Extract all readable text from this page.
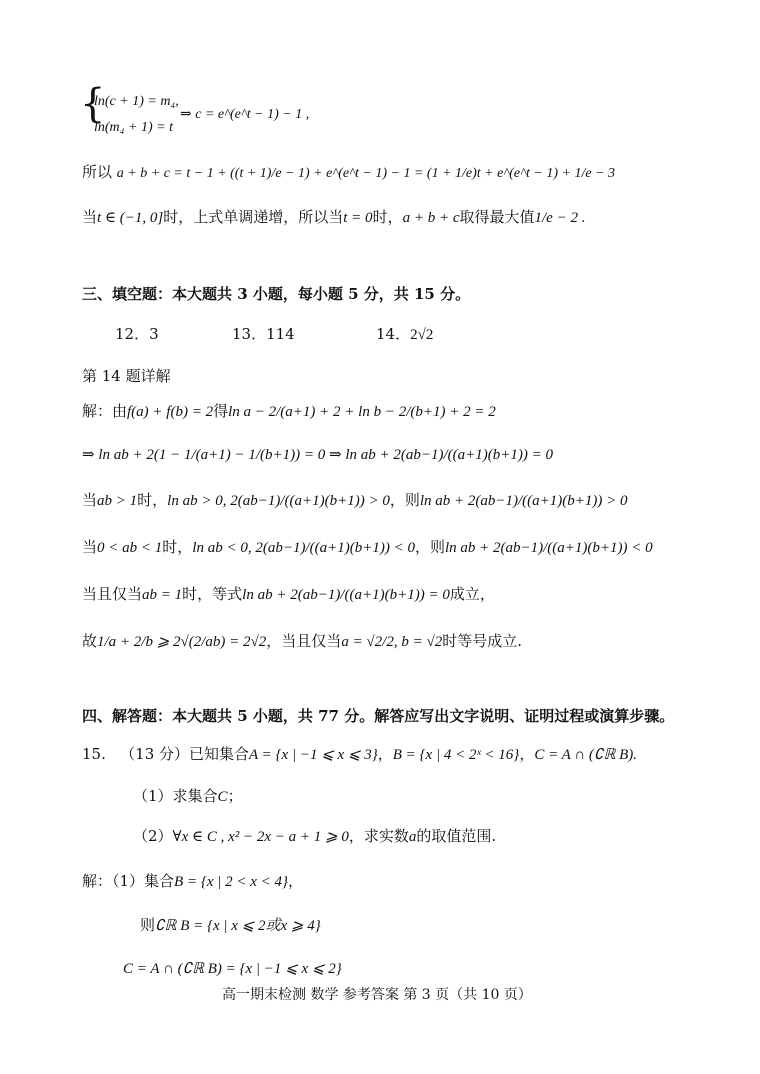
{
ln(c + 1) = m₄,
ln(m₄ + 1) = t
⇒ c = e^(e^t − 1) − 1 ,
所以 a + b + c = t − 1 + ((t + 1)/e − 1) + e^(e^t − 1) − 1 = (1 + 1/e)t + e^(e^t − 1) + 1/e − 3
当t ∈ (−1, 0]时，上式单调递增，所以当t = 0时，a + b + c取得最大值1/e − 2 .
三、填空题：本大题共 3 小题，每小题 5 分，共 15 分。
12．3	13．114	14．2√2
第 14 题详解
解：由f(a) + f(b) = 2得ln a − 2/(a+1) + 2 + ln b − 2/(b+1) + 2 = 2
⇒ ln ab + 2(1 − 1/(a+1) − 1/(b+1)) = 0 ⇒ ln ab + 2(ab−1)/((a+1)(b+1)) = 0
当ab > 1时，ln ab > 0, 2(ab−1)/((a+1)(b+1)) > 0，则ln ab + 2(ab−1)/((a+1)(b+1)) > 0
当0 < ab < 1时，ln ab < 0, 2(ab−1)/((a+1)(b+1)) < 0，则ln ab + 2(ab−1)/((a+1)(b+1)) < 0
当且仅当ab = 1时，等式ln ab + 2(ab−1)/((a+1)(b+1)) = 0成立，
故1/a + 2/b ⩾ 2√(2/ab) = 2√2，当且仅当a = √2/2, b = √2时等号成立.
四、解答题：本大题共 5 小题，共 77 分。解答应写出文字说明、证明过程或演算步骤。
15. （13 分）已知集合A = {x | −1 ⩽ x ⩽ 3}，B = {x | 4 < 2ˣ < 16}，C = A ∩ (∁ℝ B).
（1）求集合C；
（2）∀x ∈ C , x² − 2x − a + 1 ⩾ 0，求实数a的取值范围.
解：（1）集合B = {x | 2 < x < 4}，
则∁ℝ B = {x | x ⩽ 2或x ⩾ 4}
C = A ∩ (∁ℝ B) = {x | −1 ⩽ x ⩽ 2}
高一期末检测 数学 参考答案 第 3 页（共 10 页）
